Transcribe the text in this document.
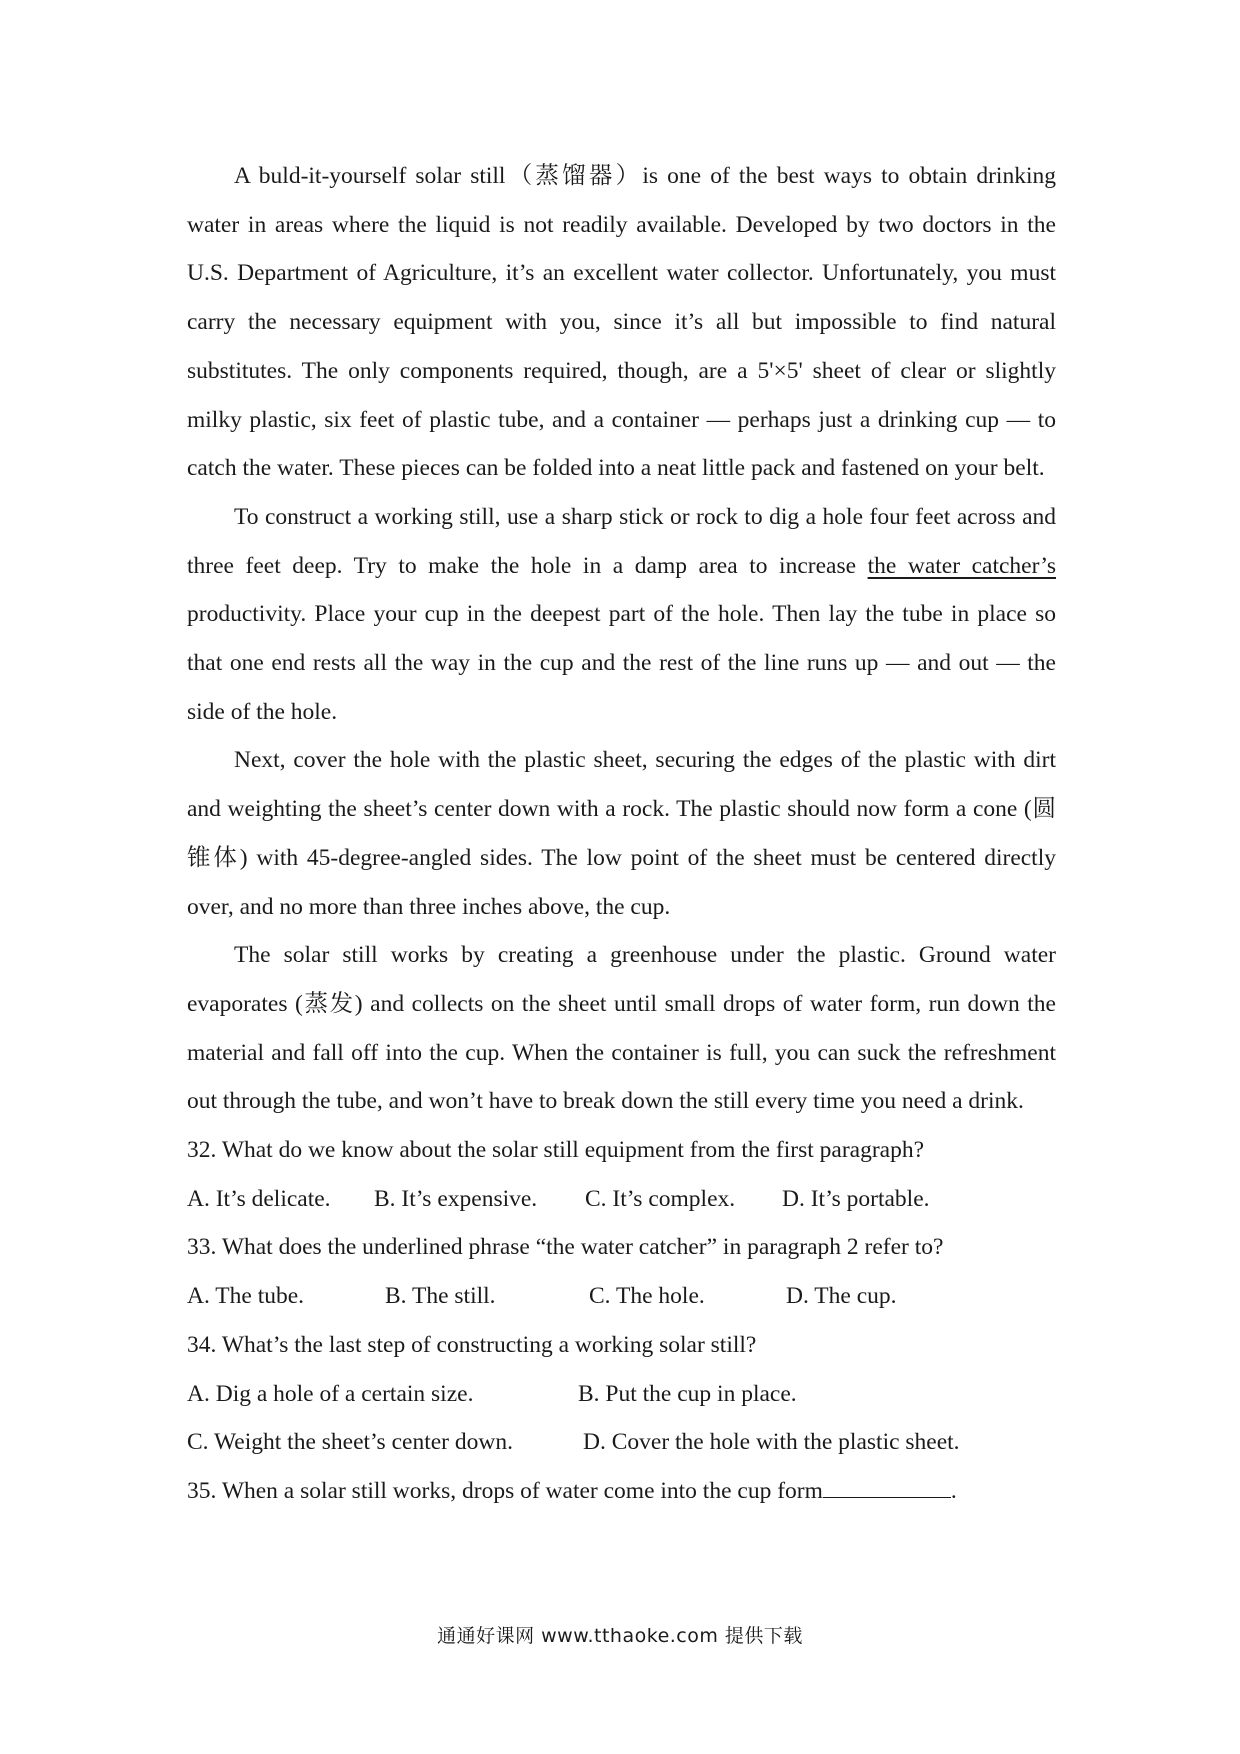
A buld-it-yourself solar still（蒸馏器）is one of the best ways to obtain drinking water in areas where the liquid is not readily available. Developed by two doctors in the U.S. Department of Agriculture, it’s an excellent water collector. Unfortunately, you must carry the necessary equipment with you, since it’s all but impossible to find natural substitutes. The only components required, though, are a 5'×5' sheet of clear or slightly milky plastic, six feet of plastic tube, and a container — perhaps just a drinking cup — to catch the water. These pieces can be folded into a neat little pack and fastened on your belt.

To construct a working still, use a sharp stick or rock to dig a hole four feet across and three feet deep. Try to make the hole in a damp area to increase the water catcher’s productivity. Place your cup in the deepest part of the hole. Then lay the tube in place so that one end rests all the way in the cup and the rest of the line runs up — and out — the side of the hole.

Next, cover the hole with the plastic sheet, securing the edges of the plastic with dirt and weighting the sheet’s center down with a rock. The plastic should now form a cone (圆锥体) with 45-degree-angled sides. The low point of the sheet must be centered directly over, and no more than three inches above, the cup.

The solar still works by creating a greenhouse under the plastic. Ground water evaporates (蒸发) and collects on the sheet until small drops of water form, run down the material and fall off into the cup. When the container is full, you can suck the refreshment out through the tube, and won’t have to break down the still every time you need a drink.

32. What do we know about the solar still equipment from the first paragraph?

A. It’s delicate.	B. It’s expensive.	C. It’s complex.	D. It’s portable.

33. What does the underlined phrase “the water catcher” in paragraph 2 refer to?

A. The tube.	B. The still.	C. The hole.	D. The cup.

34. What’s the last step of constructing a working solar still?

A. Dig a hole of a certain size.	B. Put the cup in place.
C. Weight the sheet’s center down.	D. Cover the hole with the plastic sheet.

35. When a solar still works, drops of water come into the cup form	.

通通好课网 www.tthaoke.com 提供下载
